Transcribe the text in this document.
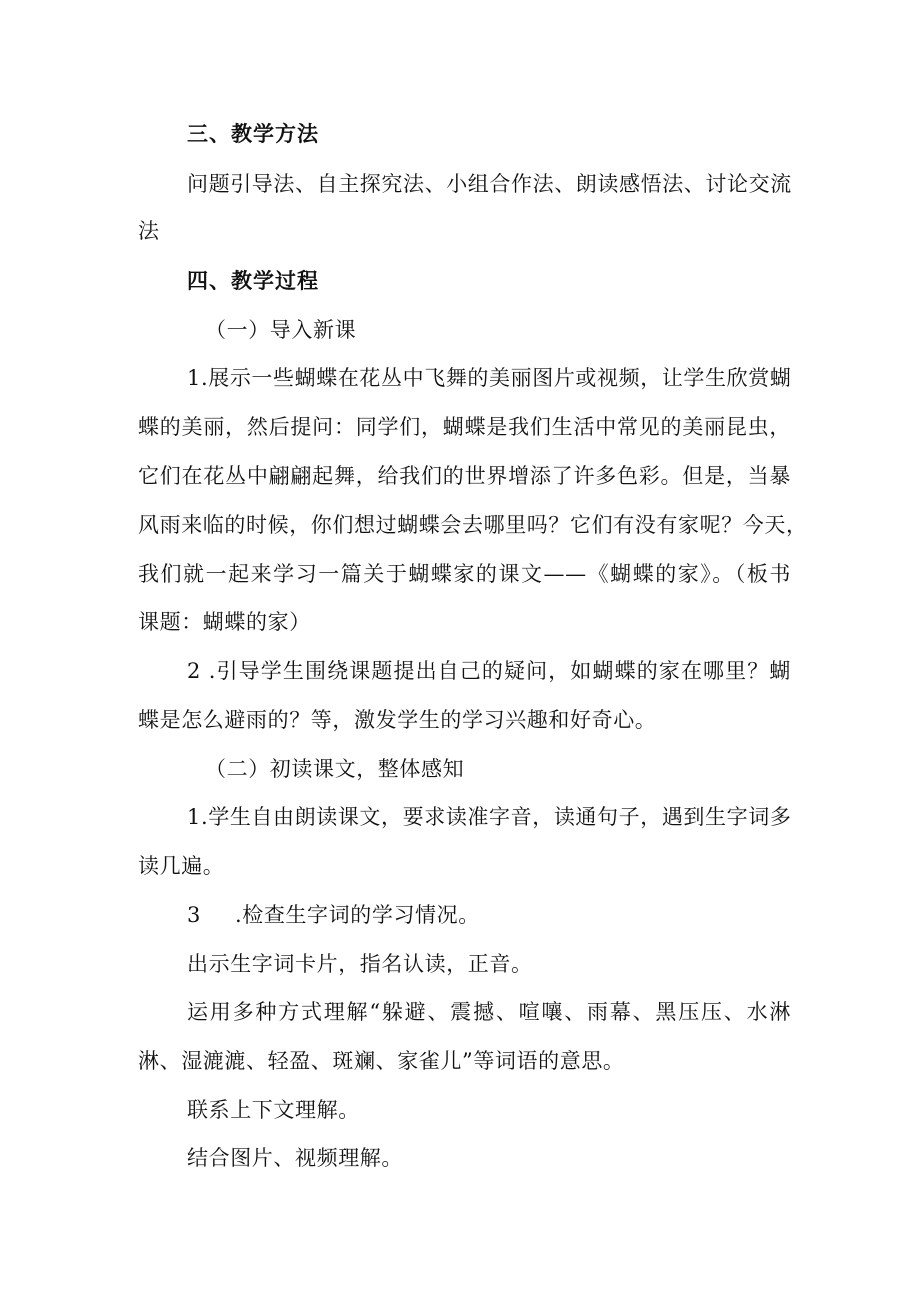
三、教学方法
问题引导法、自主探究法、小组合作法、朗读感悟法、讨论交流
法
四、教学过程
（一）导入新课
1.展示一些蝴蝶在花丛中飞舞的美丽图片或视频，让学生欣赏蝴
蝶的美丽，然后提问：同学们，蝴蝶是我们生活中常见的美丽昆虫，
它们在花丛中翩翩起舞，给我们的世界增添了许多色彩。但是，当暴
风雨来临的时候，你们想过蝴蝶会去哪里吗？它们有没有家呢？今天，
我们就一起来学习一篇关于蝴蝶家的课文——《蝴蝶的家》。（板书
课题：蝴蝶的家）
2 .引导学生围绕课题提出自己的疑问，如蝴蝶的家在哪里？蝴
蝶是怎么避雨的？等，激发学生的学习兴趣和好奇心。
（二）初读课文，整体感知
1.学生自由朗读课文，要求读准字音，读通句子，遇到生字词多
读几遍。
3 .检查生字词的学习情况。
出示生字词卡片，指名认读，正音。
运用多种方式理解“躲避、震撼、喧嚷、雨幕、黑压压、水淋
淋、湿漉漉、轻盈、斑斓、家雀儿”等词语的意思。
联系上下文理解。
结合图片、视频理解。
